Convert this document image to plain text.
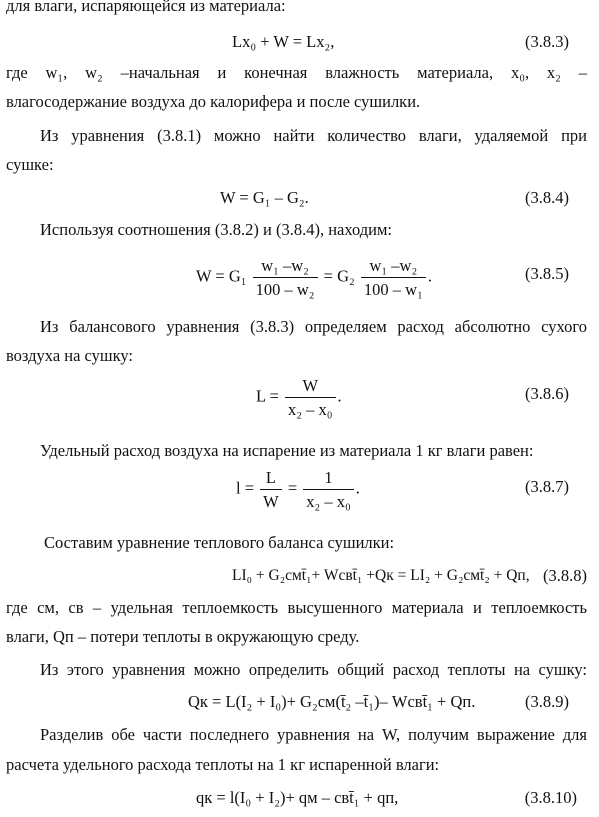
для влаги, испаряющейся из материала:
Lx₀ + W = Lx₂,	(3.8.3)
где w₁, w₂ –начальная и конечная влажность материала, x₀, x₂ –
влагосодержание воздуха до калорифера и после сушилки.
Из уравнения (3.8.1) можно найти количество влаги, удаляемой при
сушке:
W = G₁ – G₂.	(3.8.4)
Используя соотношения (3.8.2) и (3.8.4), находим:
$W = G_1 \frac{\text{w₁ –w₂}}{\text{100 – w₂}} = G_2 \frac{\text{w₁ –w₂}}{\text{100 – w₁}}$ .	(3.8.5)
Из балансового уравнения (3.8.3) определяем расход абсолютно сухого
воздуха на сушку:
$L = \frac{W}{\text{x₂ – x₀}}$ .	(3.8.6)
Удельный расход воздуха на испарение из материала 1 кг влаги равен:
$l = \frac{L}{W} = \frac{1}{\text{x₂ – x₀}}$ .	(3.8.7)
Составим уравнение теплового баланса сушилки:
LI₀ + G₂cмt̄₁+ Wcвt̄₁ +Qк = LI₂ + G₂cмt̄₂ + Qп, (3.8.8)
где cм, cв – удельная теплоемкость высушенного материала и теплоемкость
влаги, Qп – потери теплоты в окружающую среду.
Из этого уравнения можно определить общий расход теплоты на сушку:
Qк = L(I₂ + I₀)+ G₂cм(t̄₂ –t̄₁)– Wcвt̄₁ + Qп.	(3.8.9)
Разделив обе части последнего уравнения на W, получим выражение для
расчета удельного расхода теплоты на 1 кг испаренной влаги:
qк = l(I₀ + I₂)+ qм – cвt̄₁ + qп,	(3.8.10)
